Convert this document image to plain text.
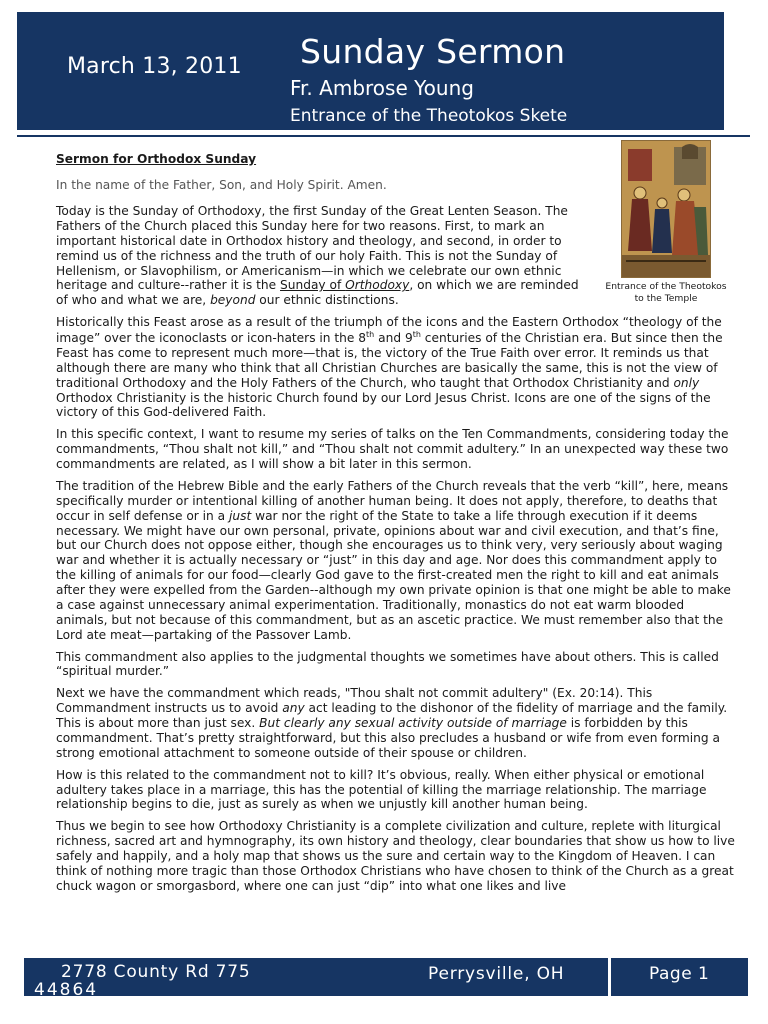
March 13, 2011 Sunday Sermon
Fr. Ambrose Young
Entrance of the Theotokos Skete
Entrance of the Theotokos
to the Temple
Sermon for Orthodox Sunday
In the name of the Father, Son, and Holy Spirit. Amen.
Today is the Sunday of Orthodoxy, the first Sunday of the Great Lenten Season. The Fathers of the Church placed this Sunday here for two reasons. First, to mark an important historical date in Orthodox history and theology, and second, in order to remind us of the richness and the truth of our holy Faith. This is not the Sunday of Hellenism, or Slavophilism, or Americanism—in which we celebrate our own ethnic heritage and culture--rather it is the Sunday of Orthodoxy, on which we are reminded of who and what we are, beyond our ethnic distinctions.
Historically this Feast arose as a result of the triumph of the icons and the Eastern Orthodox “theology of the image” over the iconoclasts or icon-haters in the 8th and 9th centuries of the Christian era. But since then the Feast has come to represent much more—that is, the victory of the True Faith over error. It reminds us that although there are many who think that all Christian Churches are basically the same, this is not the view of traditional Orthodoxy and the Holy Fathers of the Church, who taught that Orthodox Christianity and only Orthodox Christianity is the historic Church found by our Lord Jesus Christ. Icons are one of the signs of the victory of this God-delivered Faith.
In this specific context, I want to resume my series of talks on the Ten Commandments, considering today the commandments, “Thou shalt not kill,” and “Thou shalt not commit adultery.” In an unexpected way these two commandments are related, as I will show a bit later in this sermon.
The tradition of the Hebrew Bible and the early Fathers of the Church reveals that the verb “kill”, here, means specifically murder or intentional killing of another human being. It does not apply, therefore, to deaths that occur in self defense or in a just war nor the right of the State to take a life through execution if it deems necessary. We might have our own personal, private, opinions about war and civil execution, and that’s fine, but our Church does not oppose either, though she encourages us to think very, very seriously about waging war and whether it is actually necessary or “just” in this day and age. Nor does this commandment apply to the killing of animals for our food—clearly God gave to the first-created men the right to kill and eat animals after they were expelled from the Garden--although my own private opinion is that one might be able to make a case against unnecessary animal experimentation. Traditionally, monastics do not eat warm blooded animals, but not because of this commandment, but as an ascetic practice. We must remember also that the Lord ate meat—partaking of the Passover Lamb.
This commandment also applies to the judgmental thoughts we sometimes have about others. This is called “spiritual murder.”
Next we have the commandment which reads, "Thou shalt not commit adultery" (Ex. 20:14). This Commandment instructs us to avoid any act leading to the dishonor of the fidelity of marriage and the family. This is about more than just sex. But clearly any sexual activity outside of marriage is forbidden by this commandment. That’s pretty straightforward, but this also precludes a husband or wife from even forming a strong emotional attachment to someone outside of their spouse or children.
How is this related to the commandment not to kill? It’s obvious, really. When either physical or emotional adultery takes place in a marriage, this has the potential of killing the marriage relationship. The marriage relationship begins to die, just as surely as when we unjustly kill another human being.
Thus we begin to see how Orthodoxy Christianity is a complete civilization and culture, replete with liturgical richness, sacred art and hymnography, its own history and theology, clear boundaries that show us how to live safely and happily, and a holy map that shows us the sure and certain way to the Kingdom of Heaven. I can think of nothing more tragic than those Orthodox Christians who have chosen to think of the Church as a great chuck wagon or smorgasbord, where one can just “dip” into what one likes and live
2778 County Rd 775
44864
Perrysville, OH	Page 1
